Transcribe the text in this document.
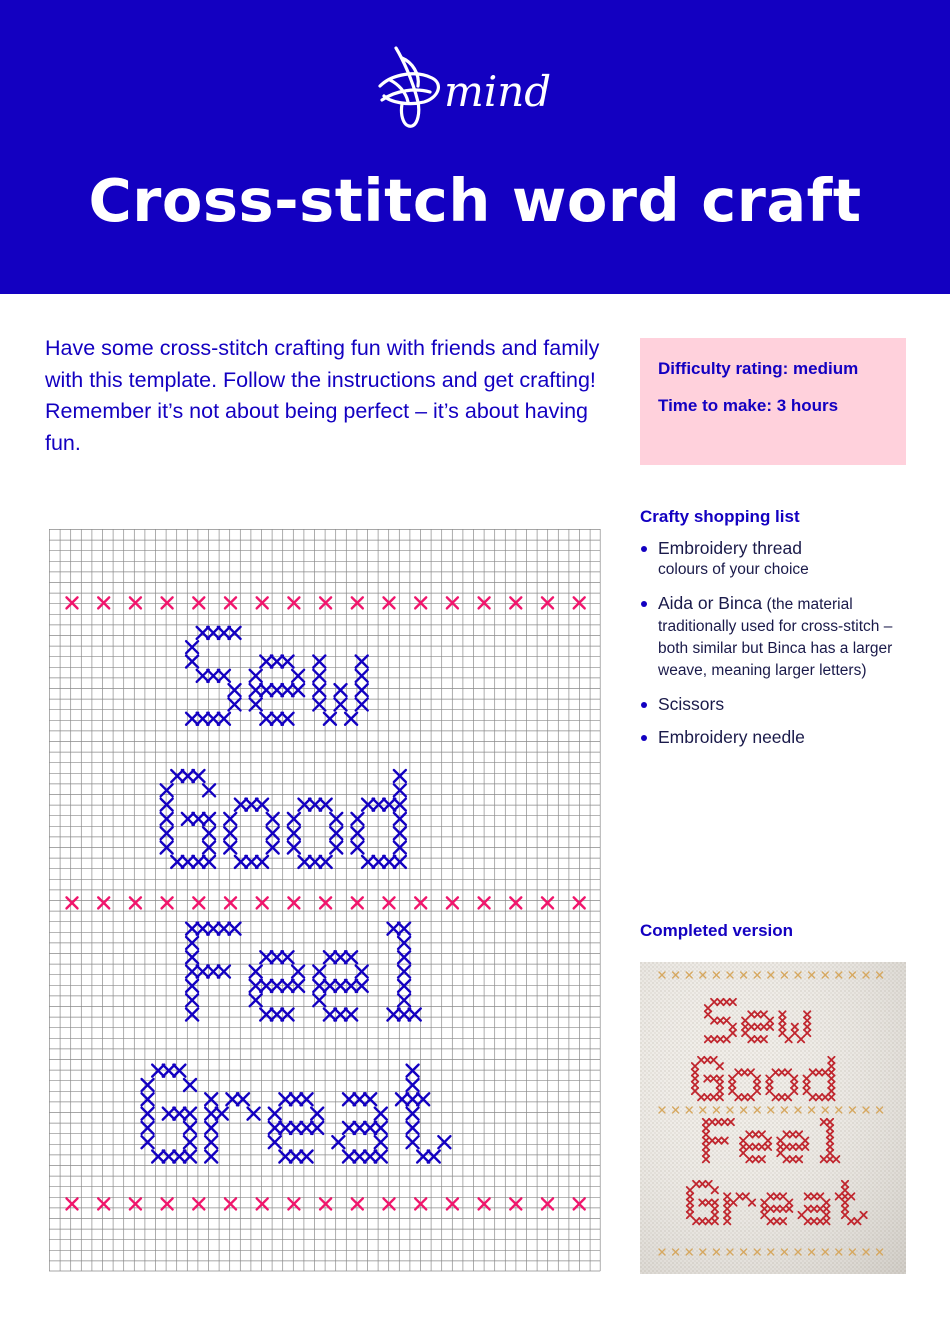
mind
Cross-stitch word craft
Have some cross-stitch crafting fun with friends and family with this template. Follow the instructions and get crafting! Remember it’s not about being perfect – it’s about having fun.

Difficulty rating: medium

Time to make: 3 hours

Crafty shopping list
Embroidery thread
colours of your choice
Aida or Binca (the material traditionally used for cross-stitch – both similar but Binca has a larger weave, meaning larger letters)
Scissors
Embroidery needle
Completed version
